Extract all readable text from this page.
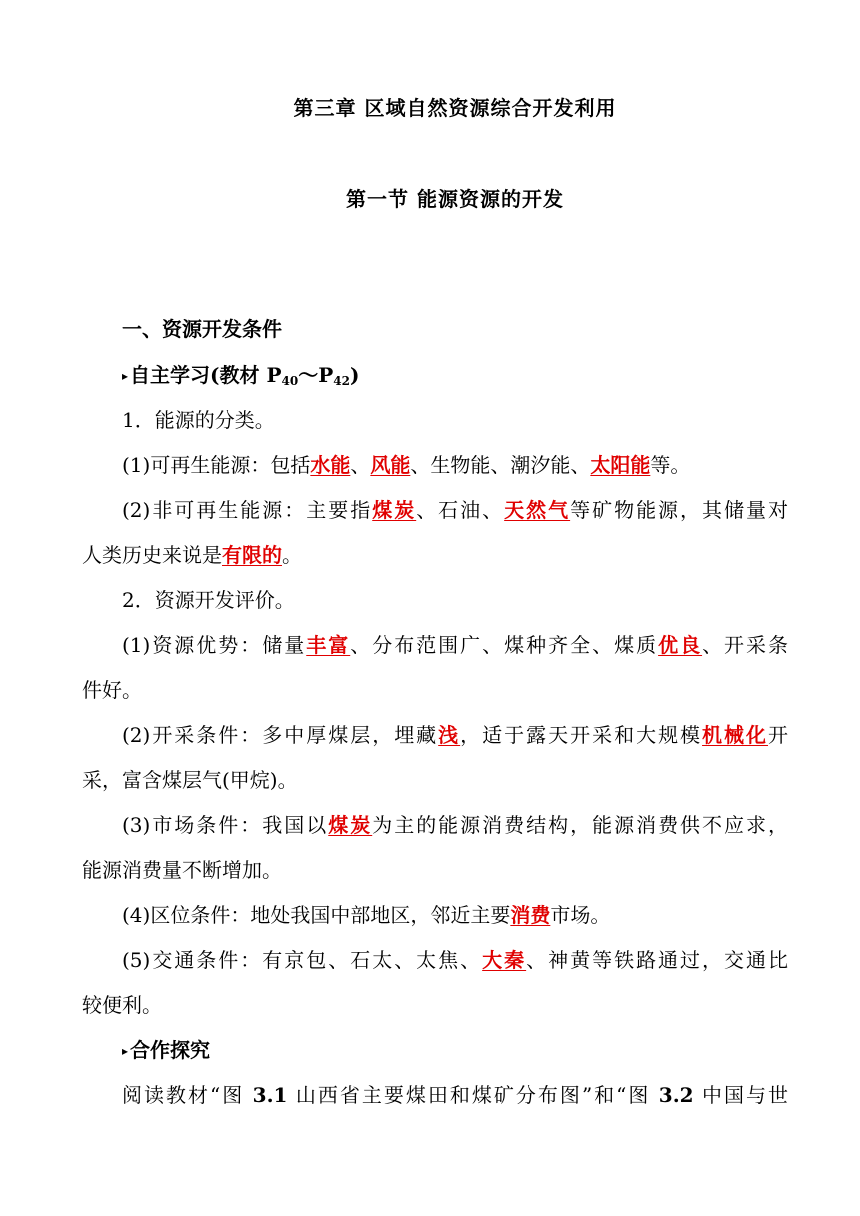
第三章 区域自然资源综合开发利用
第一节 能源资源的开发
一、资源开发条件
▸ 自主学习(教材 $P_{40}\sim P_{42}$)
1．能源的分类。
(1)可再生能源：包括水能、风能、生物能、潮汐能、太阳能等。
(2)非可再生能源：主要指煤炭、石油、天然气等矿物能源，其储量对
人类历史来说是有限的。
2．资源开发评价。
(1)资源优势：储量丰富、分布范围广、煤种齐全、煤质优良、开采条
件好。
(2)开采条件：多中厚煤层，埋藏浅，适于露天开采和大规模机械化开
采，富含煤层气(甲烷)。
(3)市场条件：我国以煤炭为主的能源消费结构，能源消费供不应求，
能源消费量不断增加。
(4)区位条件：地处我国中部地区，邻近主要消费市场。
(5)交通条件：有京包、石太、太焦、大秦、神黄等铁路通过，交通比
较便利。
▸ 合作探究
阅读教材“图 3.1 山西省主要煤田和煤矿分布图”和“图 3.2 中国与世
